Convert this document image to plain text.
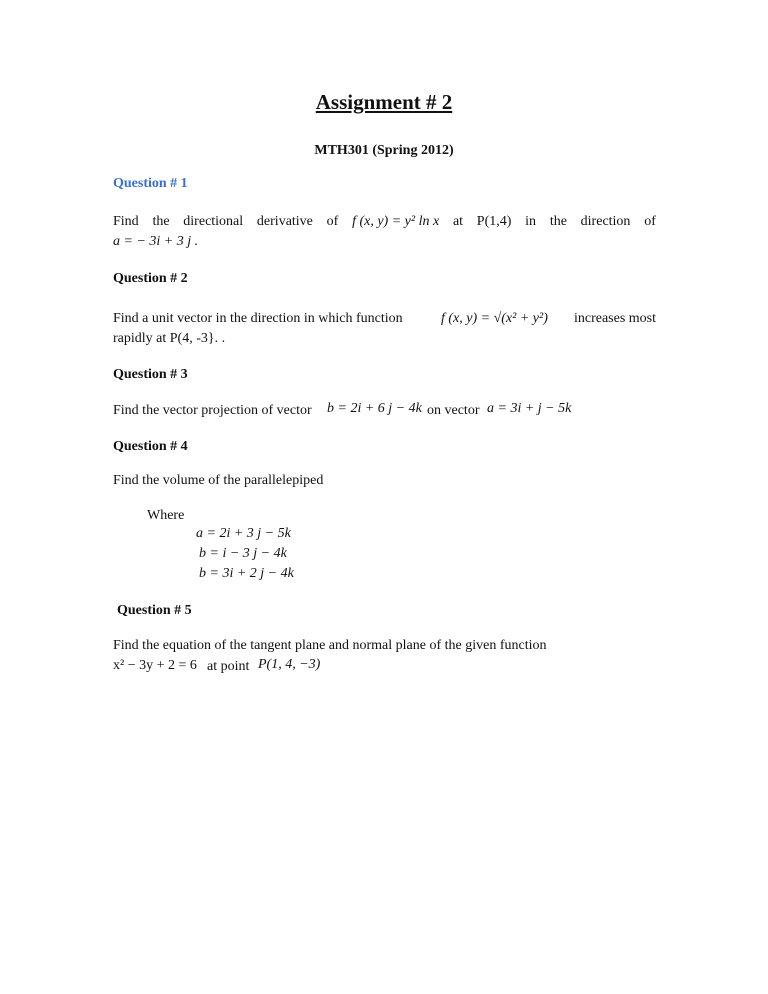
Assignment # 2
MTH301 (Spring 2012)
Question # 1
Find the directional derivative of f (x, y) = y² ln x at P(1,4) in the direction of
a = − 3i + 3 j .
Question # 2
Find a unit vector in the direction in which function	f (x, y) = √(x² + y²)	increases most
rapidly at P(4, -3}. .
Question # 3
Find the vector projection of vector b = 2i + 6 j − 4k on vector a = 3i + j − 5k
Question # 4
Find the volume of the parallelepiped
Where
a = 2i + 3 j − 5k
b = i − 3 j − 4k
b = 3i + 2 j − 4k
Question # 5
Find the equation of the tangent plane and normal plane of the given function
x² − 3y + 2 = 6 at point P(1, 4, −3)
